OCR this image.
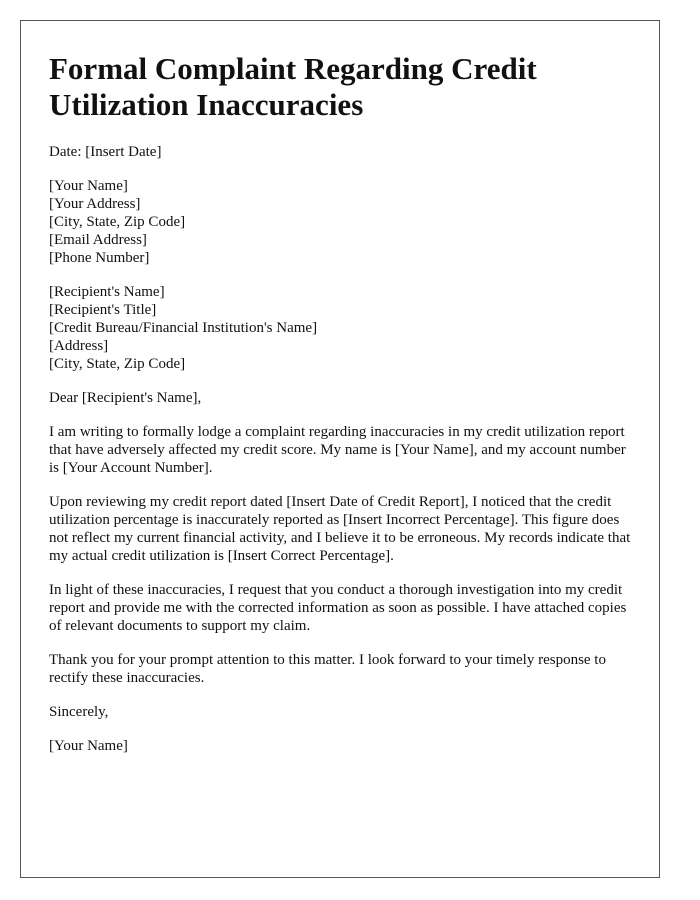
Formal Complaint Regarding Credit Utilization Inaccuracies

Date: [Insert Date]

[Your Name]

[Your Address]

[City, State, Zip Code]

[Email Address]

[Phone Number]

[Recipient's Name]

[Recipient's Title]

[Credit Bureau/Financial Institution's Name]

[Address]

[City, State, Zip Code]

Dear [Recipient's Name],

I am writing to formally lodge a complaint regarding inaccuracies in my credit utilization report that have adversely affected my credit score. My name is [Your Name], and my account number is [Your Account Number].

Upon reviewing my credit report dated [Insert Date of Credit Report], I noticed that the credit utilization percentage is inaccurately reported as [Insert Incorrect Percentage]. This figure does not reflect my current financial activity, and I believe it to be erroneous. My records indicate that my actual credit utilization is [Insert Correct Percentage].

In light of these inaccuracies, I request that you conduct a thorough investigation into my credit report and provide me with the corrected information as soon as possible. I have attached copies of relevant documents to support my claim.

Thank you for your prompt attention to this matter. I look forward to your timely response to rectify these inaccuracies.

Sincerely,

[Your Name]
